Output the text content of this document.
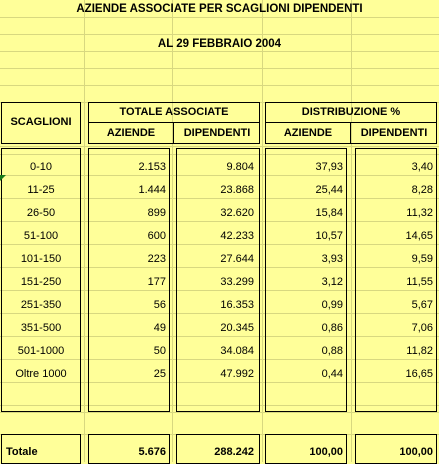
AZIENDE ASSOCIATE PER SCAGLIONI DIPENDENTI
AL 29 FEBBRAIO 2004
SCAGLIONI
TOTALE ASSOCIATE
AZIENDE	DIPENDENTI
DISTRIBUZIONE %
AZIENDE	DIPENDENTI
0-10	2.153	9.804	37,93	3,40
11-25	1.444	23.868	25,44	8,28
26-50	899	32.620	15,84	11,32
51-100	600	42.233	10,57	14,65
101-150	223	27.644	3,93	9,59
151-250	177	33.299	3,12	11,55
251-350	56	16.353	0,99	5,67
351-500	49	20.345	0,86	7,06
501-1000	50	34.084	0,88	11,82
Oltre 1000	25	47.992	0,44	16,65
Totale	5.676	288.242	100,00	100,00
